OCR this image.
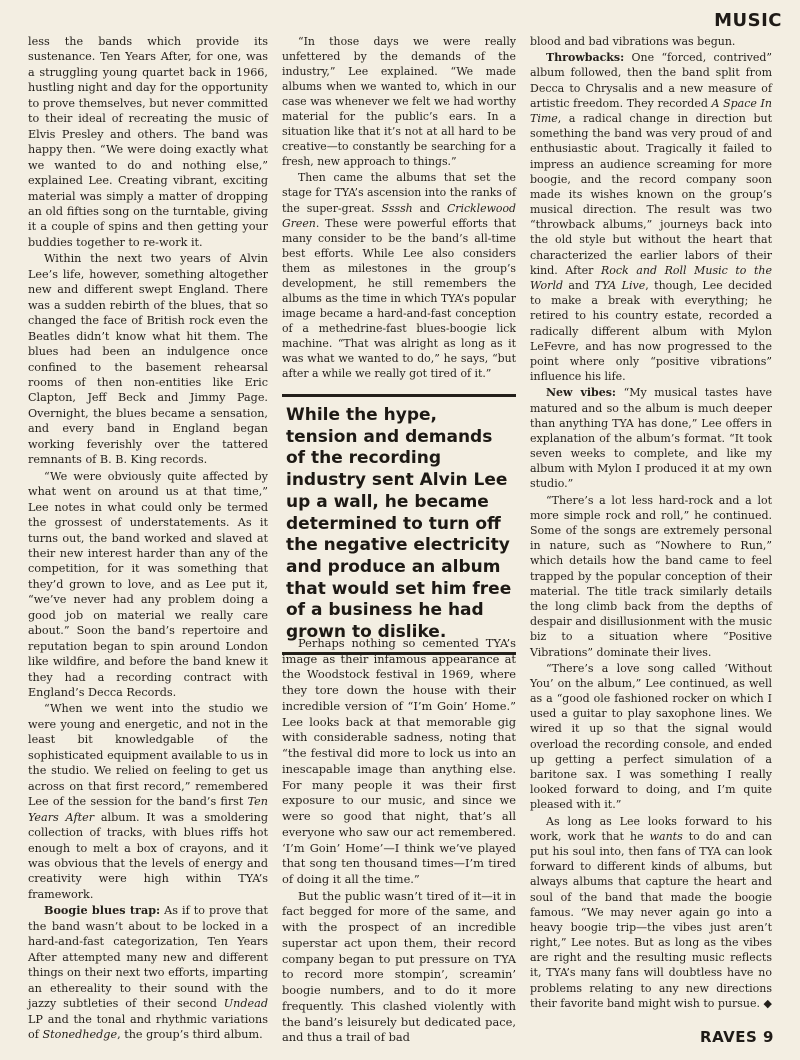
MUSIC

less the bands which provide its sustenance. Ten Years After, for one, was a struggling young quartet back in 1966, hustling night and day for the opportunity to prove themselves, but never committed to their ideal of recreating the music of Elvis Presley and others. The band was happy then. “We were doing exactly what we wanted to do and nothing else,” explained Lee. Creating vibrant, exciting material was simply a matter of dropping an old fifties song on the turntable, giving it a couple of spins and then getting your buddies together to re-work it.

Within the next two years of Alvin Lee’s life, however, something altogether new and different swept England. There was a sudden rebirth of the blues, that so changed the face of British rock even the Beatles didn’t know what hit them. The blues had been an indulgence once confined to the basement rehearsal rooms of then non-entities like Eric Clapton, Jeff Beck and Jimmy Page. Overnight, the blues became a sensation, and every band in England began working feverishly over the tattered remnants of B. B. King records.

“We were obviously quite affected by what went on around us at that time,” Lee notes in what could only be termed the grossest of understatements. As it turns out, the band worked and slaved at their new interest harder than any of the competition, for it was something that they’d grown to love, and as Lee put it, “we’ve never had any problem doing a good job on material we really care about.” Soon the band’s repertoire and reputation began to spin around London like wildfire, and before the band knew it they had a recording contract with England’s Decca Records.

“When we went into the studio we were young and energetic, and not in the least bit knowledgable of the sophisticated equipment available to us in the studio. We relied on feeling to get us across on that first record,” remembered Lee of the session for the band’s first Ten Years After album. It was a smoldering collection of tracks, with blues riffs hot enough to melt a box of crayons, and it was obvious that the levels of energy and creativity were high within TYA’s framework.

Boogie blues trap: As if to prove that the band wasn’t about to be locked in a hard-and-fast categorization, Ten Years After attempted many new and different things on their next two efforts, imparting an ethereality to their sound with the jazzy subtleties of their second Undead LP and the tonal and rhythmic variations of Stonedhedge, the group’s third album.

“In those days we were really unfettered by the demands of the industry,” Lee explained. “We made albums when we wanted to, which in our case was whenever we felt we had worthy material for the public’s ears. In a situation like that it’s not at all hard to be creative—to constantly be searching for a fresh, new approach to things.”

Then came the albums that set the stage for TYA’s ascension into the ranks of the super-great. Ssssh and Cricklewood Green. These were powerful efforts that many consider to be the band’s all-time best efforts. While Lee also considers them as milestones in the group’s development, he still remembers the albums as the time in which TYA’s popular image became a hard-and-fast conception of a methedrine-fast blues-boogie lick machine. “That was alright as long as it was what we wanted to do,” he says, “but after a while we really got tired of it.”

While the hype, tension and demands of the recording industry sent Alvin Lee up a wall, he became determined to turn off the negative electricity and produce an album that would set him free of a business he had grown to dislike.

Perhaps nothing so cemented TYA’s image as their infamous appearance at the Woodstock festival in 1969, where they tore down the house with their incredible version of “I’m Goin’ Home.” Lee looks back at that memorable gig with considerable sadness, noting that “the festival did more to lock us into an inescapable image than anything else. For many people it was their first exposure to our music, and since we were so good that night, that’s all everyone who saw our act remembered. ‘I’m Goin’ Home’—I think we’ve played that song ten thousand times—I’m tired of doing it all the time.”

But the public wasn’t tired of it—it in fact begged for more of the same, and with the prospect of an incredible superstar act upon them, their record company began to put pressure on TYA to record more stompin’, screamin’ boogie numbers, and to do it more frequently. This clashed violently with the band’s leisurely but dedicated pace, and thus a trail of bad

blood and bad vibrations was begun.

Throwbacks: One “forced, contrived” album followed, then the band split from Decca to Chrysalis and a new measure of artistic freedom. They recorded A Space In Time, a radical change in direction but something the band was very proud of and enthusiastic about. Tragically it failed to impress an audience screaming for more boogie, and the record company soon made its wishes known on the group’s musical direction. The result was two “throwback albums,” journeys back into the old style but without the heart that characterized the earlier labors of their kind. After Rock and Roll Music to the World and TYA Live, though, Lee decided to make a break with everything; he retired to his country estate, recorded a radically different album with Mylon LeFevre, and has now progressed to the point where only “positive vibrations” influence his life.

New vibes: “My musical tastes have matured and so the album is much deeper than anything TYA has done,” Lee offers in explanation of the album’s format. “It took seven weeks to complete, and like my album with Mylon I produced it at my own studio.”

“There’s a lot less hard-rock and a lot more simple rock and roll,” he continued. Some of the songs are extremely personal in nature, such as “Nowhere to Run,” which details how the band came to feel trapped by the popular conception of their material. The title track similarly details the long climb back from the depths of despair and disillusionment with the music biz to a situation where “Positive Vibrations” dominate their lives.

“There’s a love song called ‘Without You’ on the album,” Lee continued, as well as a “good ole fashioned rocker on which I used a guitar to play saxophone lines. We wired it up so that the signal would overload the recording console, and ended up getting a perfect simulation of a baritone sax. I was something I really looked forward to doing, and I’m quite pleased with it.”

As long as Lee looks forward to his work, work that he wants to do and can put his soul into, then fans of TYA can look forward to different kinds of albums, but always albums that capture the heart and soul of the band that made the boogie famous. “We may never again go into a heavy boogie trip—the vibes just aren’t right,” Lee notes. But as long as the vibes are right and the resulting music reflects it, TYA’s many fans will doubtless have no problems relating to any new directions their favorite band might wish to pursue. ◆

RAVES 9
